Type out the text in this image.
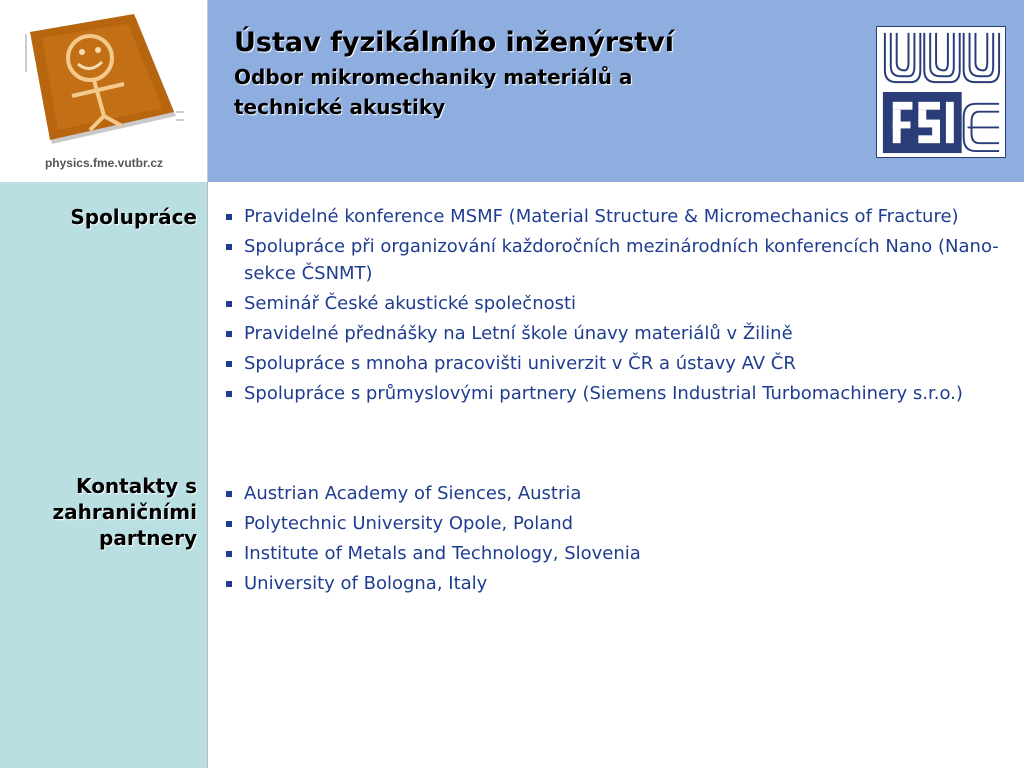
physics.fme.vutbr.cz
Ústav fyzikálního inženýrství
Odbor mikromechaniky materiálů a
technické akustiky
Spolupráce
Kontakty s
zahraničními
partnery
Pravidelné konference MSMF (Material Structure & Micromechanics of Fracture)
Spolupráce při organizování každoročních mezinárodních konferencích Nano (Nano-sekce ČSNMT)
Seminář České akustické společnosti
Pravidelné přednášky na Letní škole únavy materiálů v Žilině
Spolupráce s mnoha pracovišti univerzit v ČR a ústavy AV ČR
Spolupráce s průmyslovými partnery (Siemens Industrial Turbomachinery s.r.o.)
Austrian Academy of Siences, Austria
Polytechnic University Opole, Poland
Institute of Metals and Technology, Slovenia
University of Bologna, Italy
